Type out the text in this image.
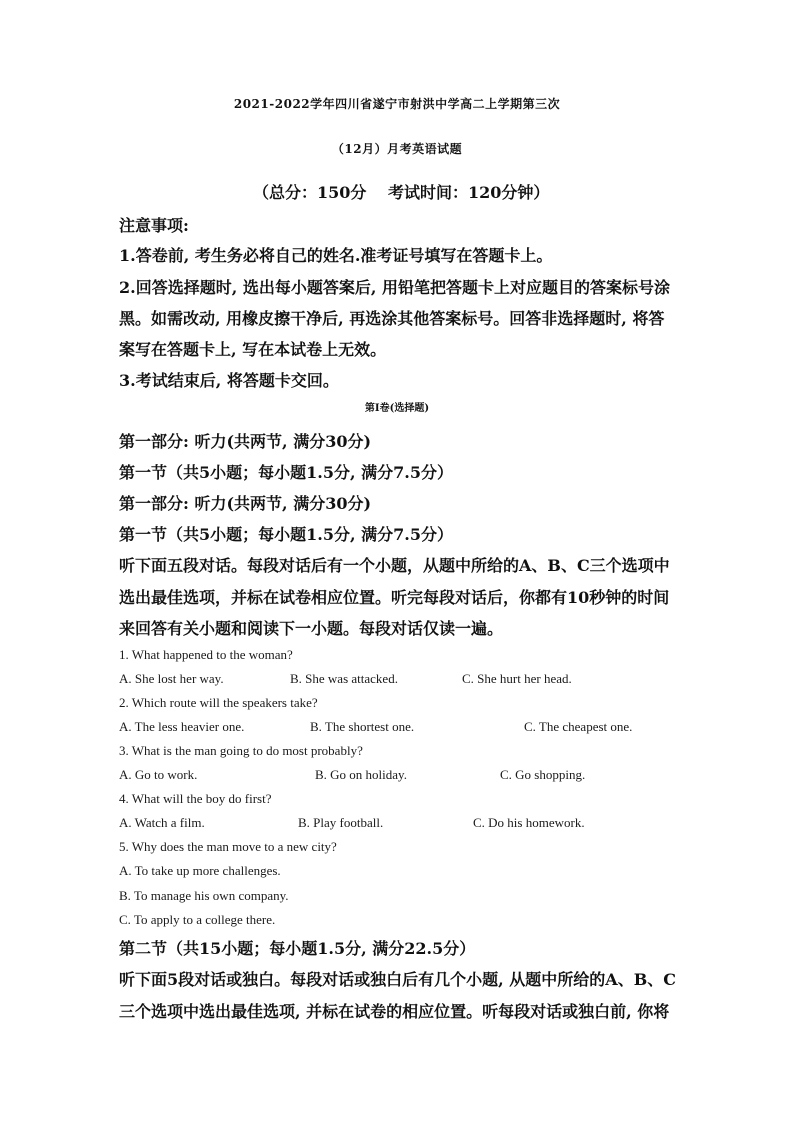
2021-2022学年四川省遂宁市射洪中学高二上学期第三次
（12月）月考英语试题
（总分：150分 考试时间：120分钟）
注意事项:
1.答卷前, 考生务必将自己的姓名.准考证号填写在答题卡上。
2.回答选择题时, 选出每小题答案后, 用铅笔把答题卡上对应题目的答案标号涂
黑。如需改动, 用橡皮擦干净后, 再选涂其他答案标号。回答非选择题时, 将答
案写在答题卡上, 写在本试卷上无效。
3.考试结束后, 将答题卡交回。
第I卷(选择题)
第一部分: 听力(共两节, 满分30分)
第一节（共5小题；每小题1.5分, 满分7.5分）
第一部分: 听力(共两节, 满分30分)
第一节（共5小题；每小题1.5分, 满分7.5分）
听下面五段对话。每段对话后有一个小题，从题中所给的A、B、C三个选项中
选出最佳选项，并标在试卷相应位置。听完每段对话后，你都有10秒钟的时间
来回答有关小题和阅读下一小题。每段对话仅读一遍。
1. What happened to the woman?
A. She lost her way.	B. She was attacked.	C. She hurt her head.
2. Which route will the speakers take?
A. The less heavier one.	B. The shortest one.	C. The cheapest one.
3. What is the man going to do most probably?
A. Go to work.	B. Go on holiday.	C. Go shopping.
4. What will the boy do first?
A. Watch a film.	B. Play football.	C. Do his homework.
5. Why does the man move to a new city?
A. To take up more challenges.
B. To manage his own company.
C. To apply to a college there.
第二节（共15小题；每小题1.5分, 满分22.5分）
听下面5段对话或独白。每段对话或独白后有几个小题, 从题中所给的A、B、C
三个选项中选出最佳选项, 并标在试卷的相应位置。听每段对话或独白前, 你将
